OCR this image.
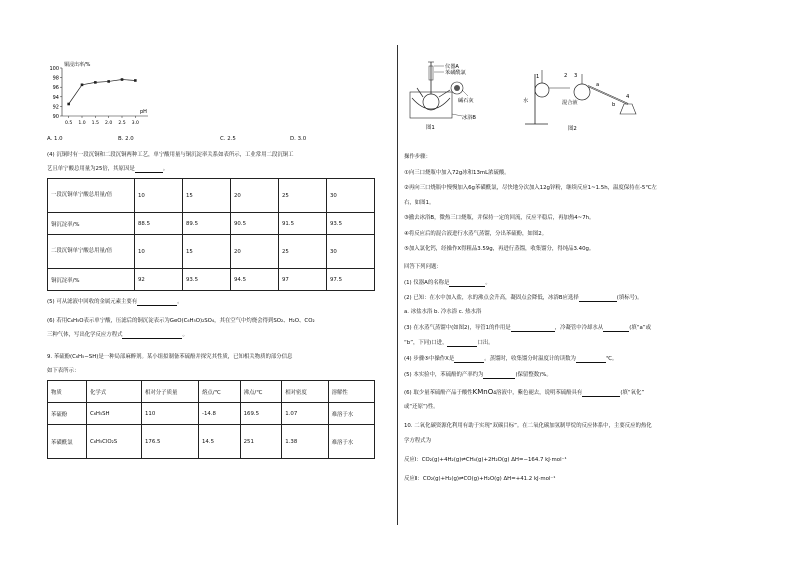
90
92
94
96
98
100
0.5 1.0 1.5 2.0 2.5 3.0
铜浸出率/%
pH
A. 1.0	B. 2.0	C. 2.5	D. 3.0
(4) 沉铜时有一段沉铜和二段沉铜两种工艺，单宁酸用量与铜沉淀率关系如表所示，工业常用二段沉铜工
艺且单宁酸总用量为25倍，其原因是	。
一段沉铜单宁酸总用量/倍	10	15	20	25	30
铜沉淀率/%	88.5	89.5	90.5	91.5	93.5
二段沉铜单宁酸总用量/倍	10	15	20	25	30
铜沉淀率/%	92	93.5	94.5	97	97.5
(5) 可从滤液中回收的金属元素主要有	。
(6) 若用C₆H₅O表示单宁酸，压滤后的铜沉淀表示为GeO(C₆H₅O)₂SO₄，其在空气中灼烧会得到SO₂、H₂O、CO₂
三种气体，写出化学反应方程式	。
9. 苯硫酚(C₆H₅−SH)是一种局部麻醉剂。某小组拟制备苯硫酚并探究其性质，已知相关物质的部分信息
如下表所示：
物质	化学式	相对分子质量	熔点/℃	沸点/℃	相对密度	溶解性
苯硫酚	C₆H₅SH	110	-14.8	169.5	1.07	难溶于水
苯磺酰氯	C₆H₅ClO₂S	176.5	14.5	251	1.38	难溶于水
仪器A
苯磺酰氯
碱石灰
冰浴B
图1
1	2 3
a
b
4
水	混合液
图2
操作步骤：
①向三口烧瓶中加入72g冰和13mL浓硫酸。
②再向三口烧瓶中慢慢加入6g苯磺酰氯，尽快地分次加入12g锌粉，继续反应1~1.5h，温度保持在-5℃左
右，如图1。
③撤去冰浴B，微热三口烧瓶，并保持一定的回流，反应平稳后，再加热4~7h。
④将反应后的混合液进行水蒸气蒸馏，分出苯硫酚，如图2。
⑤加入氯化钙，经操作X得粗品3.59g，再进行蒸馏，收集馏分，得纯品3.40g。
回答下列问题：
(1) 仪器A的名称是	。
(2) 已知：在水中加入盐，水的沸点会升高，凝固点会降低，冰浴B应选择	(填标号)。
a. 冰盐水浴 b. 冷水浴 c. 热水浴
(3) 在水蒸气蒸馏中(如图2)，导管1的作用是	，冷凝管中冷却水从	(填“a”或
“b”，下同)口进，	口出。
(4) 步骤⑤中操作X是	。蒸馏时，收集馏分时温度计的读数为	℃。
(5) 本实验中，苯硫酚的产率约为	(保留整数)%。
(6) 取少量苯硫酚产品于酸性KMnO₄溶液中，紫色褪去，说明苯硫酚具有	(填“氧化”
或“还原”)性。
10. 二氧化碳资源化利用有助于实现“双碳目标”。在二氧化碳加氢制甲烷的反应体系中，主要反应的热化
学方程式为
反应Ⅰ：CO₂(g)+4H₂(g)⇌CH₄(g)+2H₂O(g) ΔH=−164.7 kJ·mol⁻¹
反应Ⅱ：CO₂(g)+H₂(g)⇌CO(g)+H₂O(g) ΔH=+41.2 kJ·mol⁻¹
